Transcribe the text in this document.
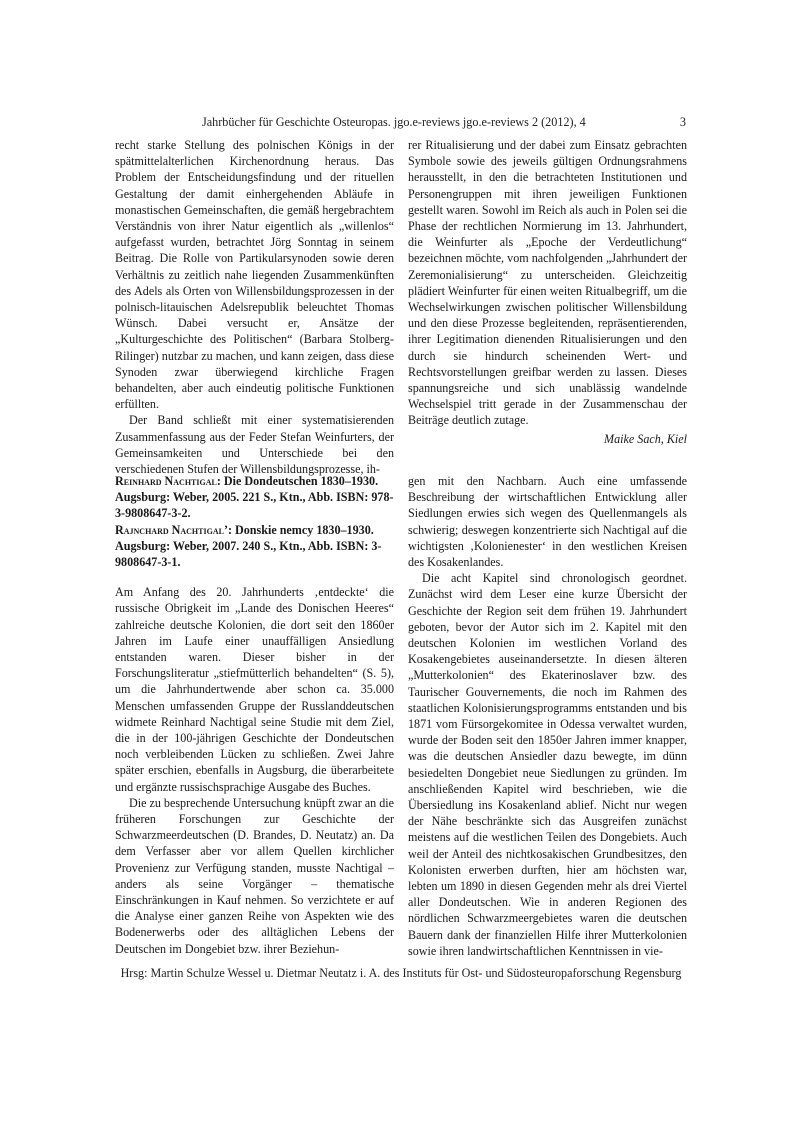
Jahrbücher für Geschichte Osteuropas. jgo.e-reviews jgo.e-reviews 2 (2012), 4	3

recht starke Stellung des polnischen Königs in der spätmittelalterlichen Kirchenordnung heraus. Das Problem der Entscheidungsfindung und der rituellen Gestaltung der damit einhergehenden Abläufe in monastischen Gemeinschaften, die gemäß hergebrachtem Verständnis von ihrer Natur eigentlich als „willenlos“ aufgefasst wurden, betrachtet Jörg Sonntag in seinem Beitrag. Die Rolle von Partikularsynoden sowie deren Verhältnis zu zeitlich nahe liegenden Zusammenkünften des Adels als Orten von Willensbildungsprozessen in der polnisch-litauischen Adelsrepublik beleuchtet Thomas Wünsch. Dabei versucht er, Ansätze der „Kulturgeschichte des Politischen“ (Barbara Stolberg-Rilinger) nutzbar zu machen, und kann zeigen, dass diese Synoden zwar überwiegend kirchliche Fragen behandelten, aber auch eindeutig politische Funktionen erfüllten.

Der Band schließt mit einer systematisierenden Zusammenfassung aus der Feder Stefan Weinfurters, der Gemeinsamkeiten und Unterschiede bei den verschiedenen Stufen der Willensbildungsprozesse, ih-

rer Ritualisierung und der dabei zum Einsatz gebrachten Symbole sowie des jeweils gültigen Ordnungsrahmens herausstellt, in den die betrachteten Institutionen und Personengruppen mit ihren jeweiligen Funktionen gestellt waren. Sowohl im Reich als auch in Polen sei die Phase der rechtlichen Normierung im 13. Jahrhundert, die Weinfurter als „Epoche der Verdeutlichung“ bezeichnen möchte, vom nachfolgenden „Jahrhundert der Zeremonialisierung“ zu unterscheiden. Gleichzeitig plädiert Weinfurter für einen weiten Ritualbegriff, um die Wechselwirkungen zwischen politischer Willensbildung und den diese Prozesse begleitenden, repräsentierenden, ihrer Legitimation dienenden Ritualisierungen und den durch sie hindurch scheinenden Wert- und Rechtsvorstellungen greifbar werden zu lassen. Dieses spannungsreiche und sich unablässig wandelnde Wechselspiel tritt gerade in der Zusammenschau der Beiträge deutlich zutage.

Maike Sach, Kiel

Reinhard Nachtigal: Die Dondeutschen 1830–1930. Augsburg: Weber, 2005. 221 S., Ktn., Abb. ISBN: 978-3-9808647-3-2.
Rajnchard Nachtigal’: Donskie nemcy 1830–1930. Augsburg: Weber, 2007. 240 S., Ktn., Abb. ISBN: 3-9808647-3-1.

Am Anfang des 20. Jahrhunderts ‚entdeckte‘ die russische Obrigkeit im „Lande des Donischen Heeres“ zahlreiche deutsche Kolonien, die dort seit den 1860er Jahren im Laufe einer unauffälligen Ansiedlung entstanden waren. Dieser bisher in der Forschungsliteratur „stiefmütterlich behandelten“ (S. 5), um die Jahrhundertwende aber schon ca. 35.000 Menschen umfassenden Gruppe der Russlanddeutschen widmete Reinhard Nachtigal seine Studie mit dem Ziel, die in der 100-jährigen Geschichte der Dondeutschen noch verbleibenden Lücken zu schließen. Zwei Jahre später erschien, ebenfalls in Augsburg, die überarbeitete und ergänzte russischsprachige Ausgabe des Buches.

Die zu besprechende Untersuchung knüpft zwar an die früheren Forschungen zur Geschichte der Schwarzmeerdeutschen (D. Brandes, D. Neutatz) an. Da dem Verfasser aber vor allem Quellen kirchlicher Provenienz zur Verfügung standen, musste Nachtigal – anders als seine Vorgänger – thematische Einschränkungen in Kauf nehmen. So verzichtete er auf die Analyse einer ganzen Reihe von Aspekten wie des Bodenerwerbs oder des alltäglichen Lebens der Deutschen im Dongebiet bzw. ihrer Beziehun-

gen mit den Nachbarn. Auch eine umfassende Beschreibung der wirtschaftlichen Entwicklung aller Siedlungen erwies sich wegen des Quellenmangels als schwierig; deswegen konzentrierte sich Nachtigal auf die wichtigsten ‚Kolonienester‘ in den westlichen Kreisen des Kosakenlandes.

Die acht Kapitel sind chronologisch geordnet. Zunächst wird dem Leser eine kurze Übersicht der Geschichte der Region seit dem frühen 19. Jahrhundert geboten, bevor der Autor sich im 2. Kapitel mit den deutschen Kolonien im westlichen Vorland des Kosakengebietes auseinandersetzte. In diesen älteren „Mutterkolonien“ des Ekaterinoslaver bzw. des Taurischer Gouvernements, die noch im Rahmen des staatlichen Kolonisierungsprogramms entstanden und bis 1871 vom Fürsorgekomitee in Odessa verwaltet wurden, wurde der Boden seit den 1850er Jahren immer knapper, was die deutschen Ansiedler dazu bewegte, im dünn besiedelten Dongebiet neue Siedlungen zu gründen. Im anschließenden Kapitel wird beschrieben, wie die Übersiedlung ins Kosakenland ablief. Nicht nur wegen der Nähe beschränkte sich das Ausgreifen zunächst meistens auf die westlichen Teilen des Dongebiets. Auch weil der Anteil des nichtkosakischen Grundbesitzes, den Kolonisten erwerben durften, hier am höchsten war, lebten um 1890 in diesen Gegenden mehr als drei Viertel aller Dondeutschen. Wie in anderen Regionen des nördlichen Schwarzmeergebietes waren die deutschen Bauern dank der finanziellen Hilfe ihrer Mutterkolonien sowie ihren landwirtschaftlichen Kenntnissen in vie-

Hrsg: Martin Schulze Wessel u. Dietmar Neutatz i. A. des Instituts für Ost- und Südosteuropaforschung Regensburg
